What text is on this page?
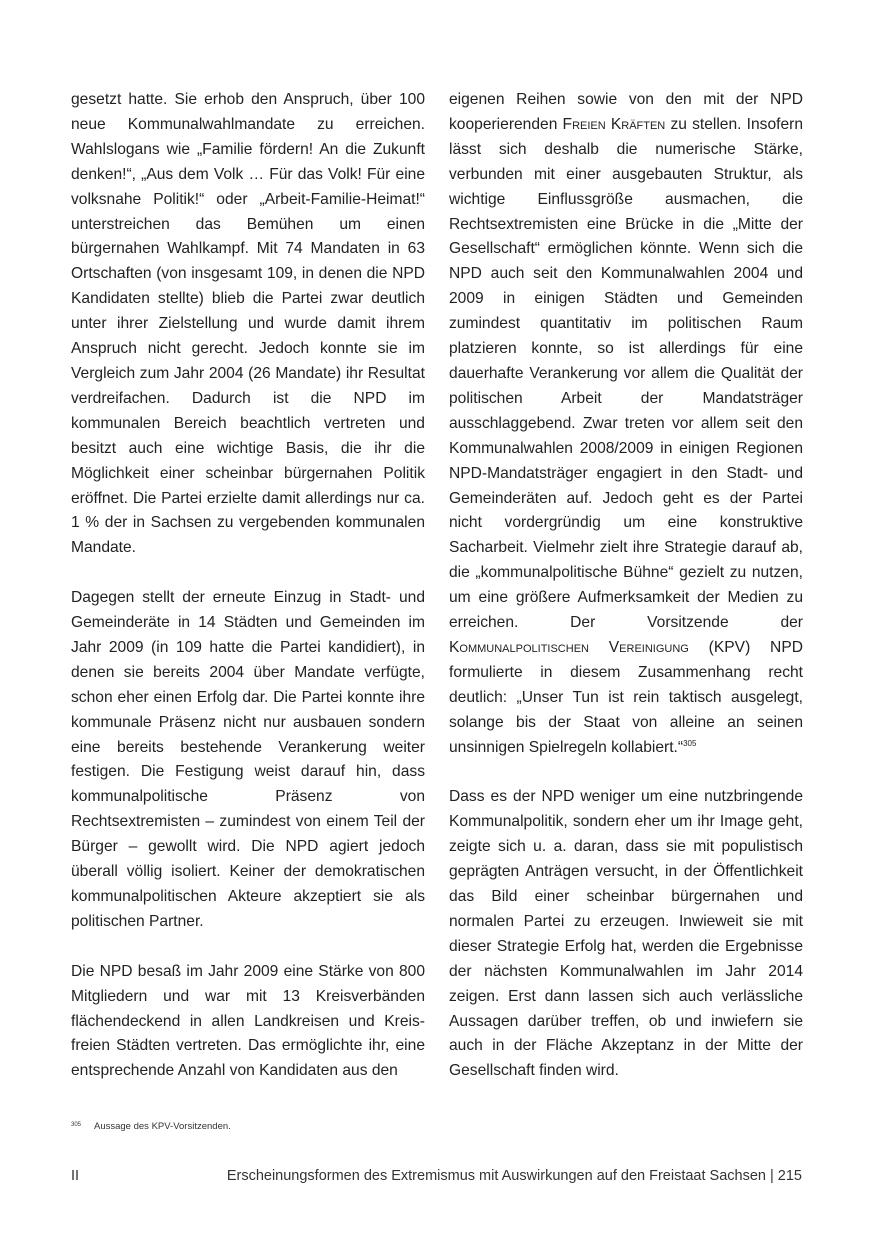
gesetzt hatte. Sie erhob den Anspruch, über 100 neue Kommunalwahlmandate zu erreichen. Wahlslogans wie „Familie fördern! An die Zukunft denken!“, „Aus dem Volk … Für das Volk! Für eine volksnahe Politik!“ oder „Arbeit-Familie-Heimat!“ unterstreichen das Bemühen um einen bürgernahen Wahlkampf. Mit 74 Mandaten in 63 Ortschaften (von insgesamt 109, in denen die NPD Kandidaten stellte) blieb die Partei zwar deutlich unter ihrer Zielstellung und wurde damit ihrem Anspruch nicht gerecht. Jedoch konnte sie im Vergleich zum Jahr 2004 (26 Mandate) ihr Resultat verdreifachen. Dadurch ist die NPD im kommunalen Bereich beachtlich vertreten und besitzt auch eine wichtige Basis, die ihr die Möglichkeit einer scheinbar bürgernahen Politik eröffnet. Die Partei erzielte damit allerdings nur ca. 1 % der in Sachsen zu vergebenden kommunalen Mandate.

Dagegen stellt der erneute Einzug in Stadt- und Gemeinderäte in 14 Städten und Gemeinden im Jahr 2009 (in 109 hatte die Partei kandidiert), in denen sie bereits 2004 über Mandate verfügte, schon eher einen Erfolg dar. Die Partei konnte ihre kommunale Präsenz nicht nur ausbauen sondern eine bereits bestehende Verankerung weiter festigen. Die Festigung weist darauf hin, dass kommunalpolitische Präsenz von Rechtsextremisten – zumindest von einem Teil der Bürger – gewollt wird. Die NPD agiert jedoch überall völlig isoliert. Keiner der demokratischen kommunalpolitischen Akteure akzeptiert sie als politischen Partner.

Die NPD besaß im Jahr 2009 eine Stärke von 800 Mitgliedern und war mit 13 Kreisverbänden flächendeckend in allen Landkreisen und Kreisfreien Städten vertreten. Das ermöglichte ihr, eine entsprechende Anzahl von Kandidaten aus den

eigenen Reihen sowie von den mit der NPD kooperierenden Freien Kräften zu stellen. Insofern lässt sich deshalb die numerische Stärke, verbunden mit einer ausgebauten Struktur, als wichtige Einflussgröße ausmachen, die Rechtsextremisten eine Brücke in die „Mitte der Gesellschaft“ ermöglichen könnte. Wenn sich die NPD auch seit den Kommunalwahlen 2004 und 2009 in einigen Städten und Gemeinden zumindest quantitativ im politischen Raum platzieren konnte, so ist allerdings für eine dauerhafte Verankerung vor allem die Qualität der politischen Arbeit der Mandatsträger ausschlaggebend. Zwar treten vor allem seit den Kommunalwahlen 2008/2009 in einigen Regionen NPD-Mandatsträger engagiert in den Stadt- und Gemeinderäten auf. Jedoch geht es der Partei nicht vordergründig um eine konstruktive Sacharbeit. Vielmehr zielt ihre Strategie darauf ab, die „kommunalpolitische Bühne“ gezielt zu nutzen, um eine größere Aufmerksamkeit der Medien zu erreichen. Der Vorsitzende der Kommunalpolitischen Vereinigung (KPV) NPD formulierte in diesem Zusammenhang recht deutlich: „Unser Tun ist rein taktisch ausgelegt, solange bis der Staat von alleine an seinen unsinnigen Spielregeln kollabiert.“$^{305}$

Dass es der NPD weniger um eine nutzbringende Kommunalpolitik, sondern eher um ihr Image geht, zeigte sich u. a. daran, dass sie mit populistisch geprägten Anträgen versucht, in der Öffentlichkeit das Bild einer scheinbar bürgernahen und normalen Partei zu erzeugen. Inwieweit sie mit dieser Strategie Erfolg hat, werden die Ergebnisse der nächsten Kommunalwahlen im Jahr 2014 zeigen. Erst dann lassen sich auch verlässliche Aussagen darüber treffen, ob und inwiefern sie auch in der Fläche Akzeptanz in der Mitte der Gesellschaft finden wird.

305 Aussage des KPV-Vorsitzenden.
II	Erscheinungsformen des Extremismus mit Auswirkungen auf den Freistaat Sachsen | 215
